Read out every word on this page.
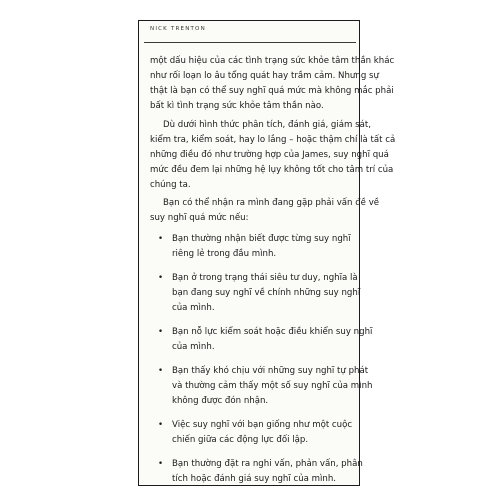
NICK TRENTON
một dấu hiệu của các tình trạng sức khỏe tâm thần khác
như rối loạn lo âu tổng quát hay trầm cảm. Nhưng sự
thật là bạn có thể suy nghĩ quá mức mà không mắc phải
bất kì tình trạng sức khỏe tâm thần nào.
Dù dưới hình thức phân tích, đánh giá, giám sát,
kiểm tra, kiểm soát, hay lo lắng – hoặc thậm chí là tất cả
những điều đó như trường hợp của James, suy nghĩ quá
mức đều đem lại những hệ lụy không tốt cho tâm trí của
chúng ta.
Bạn có thể nhận ra mình đang gặp phải vấn đề về
suy nghĩ quá mức nếu:
• Bạn thường nhận biết được từng suy nghĩ
riêng lẻ trong đầu mình.
• Bạn ở trong trạng thái siêu tư duy, nghĩa là
bạn đang suy nghĩ về chính những suy nghĩ
của mình.
• Bạn nỗ lực kiểm soát hoặc điều khiển suy nghĩ
của mình.
• Bạn thấy khó chịu với những suy nghĩ tự phát
và thường cảm thấy một số suy nghĩ của mình
không được đón nhận.
• Việc suy nghĩ với bạn giống như một cuộc
chiến giữa các động lực đối lập.
• Bạn thường đặt ra nghi vấn, phản vấn, phân
tích hoặc đánh giá suy nghĩ của mình.
